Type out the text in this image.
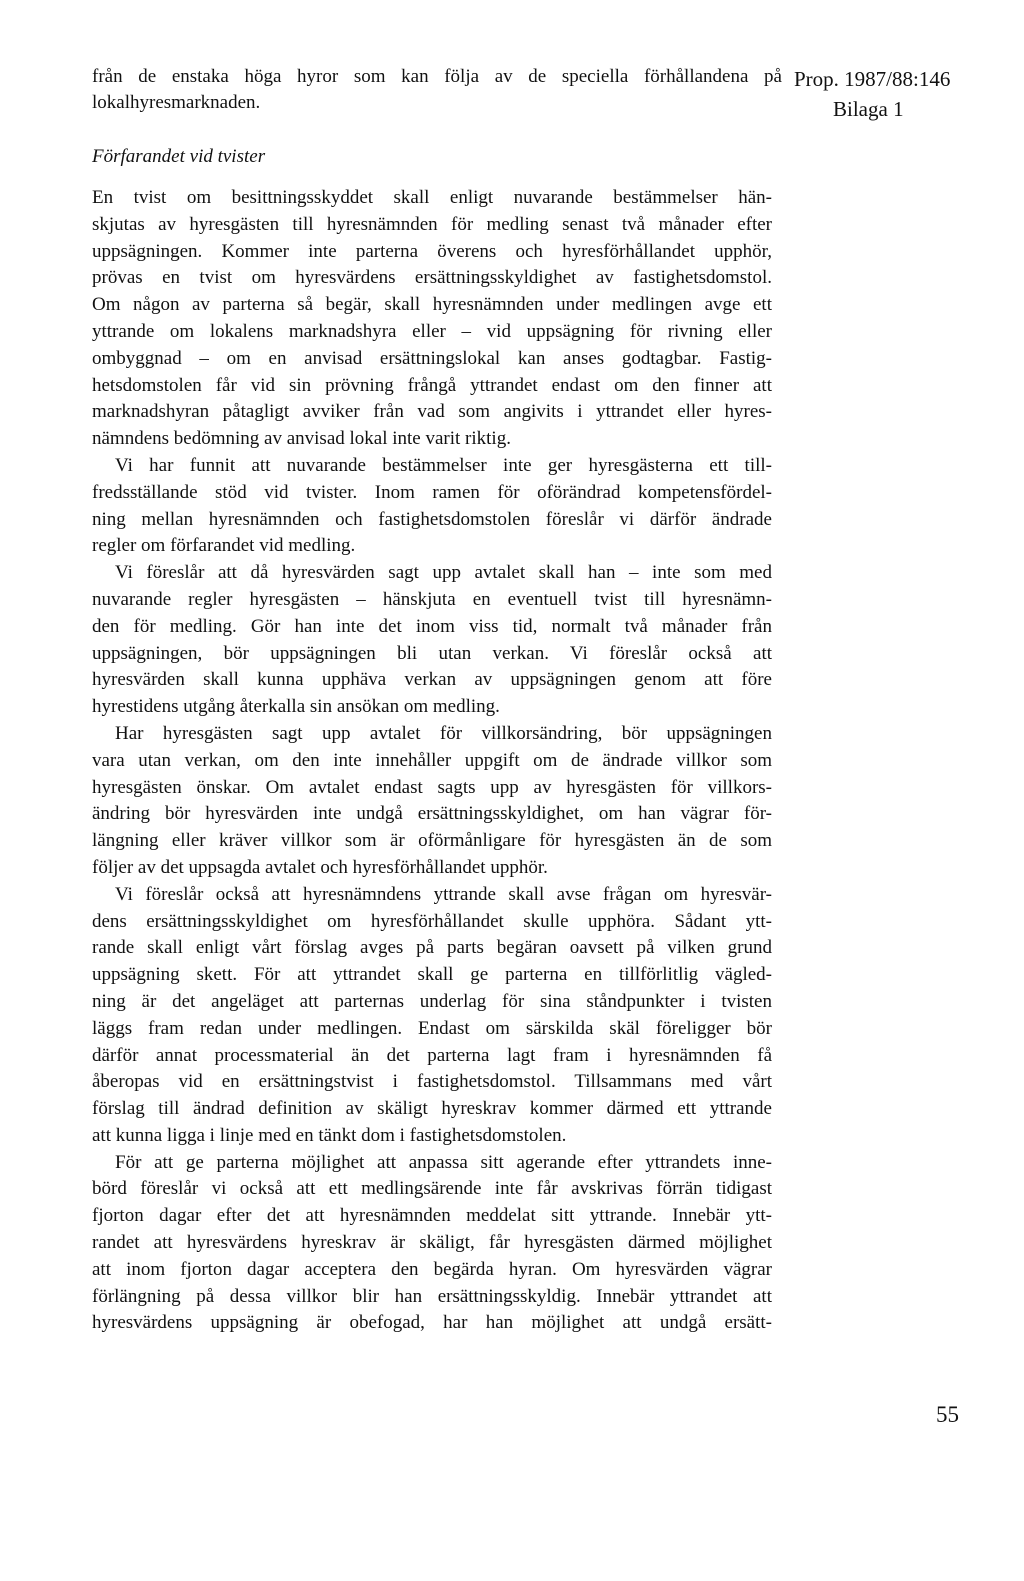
från de enstaka höga hyror som kan följa av de speciella förhållandena på
lokalhyresmarknaden.
Prop. 1987/88:146
Bilaga 1
Förfarandet vid tvister
En tvist om besittningsskyddet skall enligt nuvarande bestämmelser hän-
skjutas av hyresgästen till hyresnämnden för medling senast två månader efter
uppsägningen. Kommer inte parterna överens och hyresförhållandet upphör,
prövas en tvist om hyresvärdens ersättningsskyldighet av fastighetsdomstol.
Om någon av parterna så begär, skall hyresnämnden under medlingen avge ett
yttrande om lokalens marknadshyra eller – vid uppsägning för rivning eller
ombyggnad – om en anvisad ersättningslokal kan anses godtagbar. Fastig-
hetsdomstolen får vid sin prövning frångå yttrandet endast om den finner att
marknadshyran påtagligt avviker från vad som angivits i yttrandet eller hyres-
nämndens bedömning av anvisad lokal inte varit riktig.
Vi har funnit att nuvarande bestämmelser inte ger hyresgästerna ett till-
fredsställande stöd vid tvister. Inom ramen för oförändrad kompetensfördel-
ning mellan hyresnämnden och fastighetsdomstolen föreslår vi därför ändrade
regler om förfarandet vid medling.
Vi föreslår att då hyresvärden sagt upp avtalet skall han – inte som med
nuvarande regler hyresgästen – hänskjuta en eventuell tvist till hyresnämn-
den för medling. Gör han inte det inom viss tid, normalt två månader från
uppsägningen, bör uppsägningen bli utan verkan. Vi föreslår också att
hyresvärden skall kunna upphäva verkan av uppsägningen genom att före
hyrestidens utgång återkalla sin ansökan om medling.
Har hyresgästen sagt upp avtalet för villkorsändring, bör uppsägningen
vara utan verkan, om den inte innehåller uppgift om de ändrade villkor som
hyresgästen önskar. Om avtalet endast sagts upp av hyresgästen för villkors-
ändring bör hyresvärden inte undgå ersättningsskyldighet, om han vägrar för-
längning eller kräver villkor som är oförmånligare för hyresgästen än de som
följer av det uppsagda avtalet och hyresförhållandet upphör.
Vi föreslår också att hyresnämndens yttrande skall avse frågan om hyresvär-
dens ersättningsskyldighet om hyresförhållandet skulle upphöra. Sådant ytt-
rande skall enligt vårt förslag avges på parts begäran oavsett på vilken grund
uppsägning skett. För att yttrandet skall ge parterna en tillförlitlig vägled-
ning är det angeläget att parternas underlag för sina ståndpunkter i tvisten
läggs fram redan under medlingen. Endast om särskilda skäl föreligger bör
därför annat processmaterial än det parterna lagt fram i hyresnämnden få
åberopas vid en ersättningstvist i fastighetsdomstol. Tillsammans med vårt
förslag till ändrad definition av skäligt hyreskrav kommer därmed ett yttrande
att kunna ligga i linje med en tänkt dom i fastighetsdomstolen.
För att ge parterna möjlighet att anpassa sitt agerande efter yttrandets inne-
börd föreslår vi också att ett medlingsärende inte får avskrivas förrän tidigast
fjorton dagar efter det att hyresnämnden meddelat sitt yttrande. Innebär ytt-
randet att hyresvärdens hyreskrav är skäligt, får hyresgästen därmed möjlighet
att inom fjorton dagar acceptera den begärda hyran. Om hyresvärden vägrar
förlängning på dessa villkor blir han ersättningsskyldig. Innebär yttrandet att
hyresvärdens uppsägning är obefogad, har han möjlighet att undgå ersätt-
55
